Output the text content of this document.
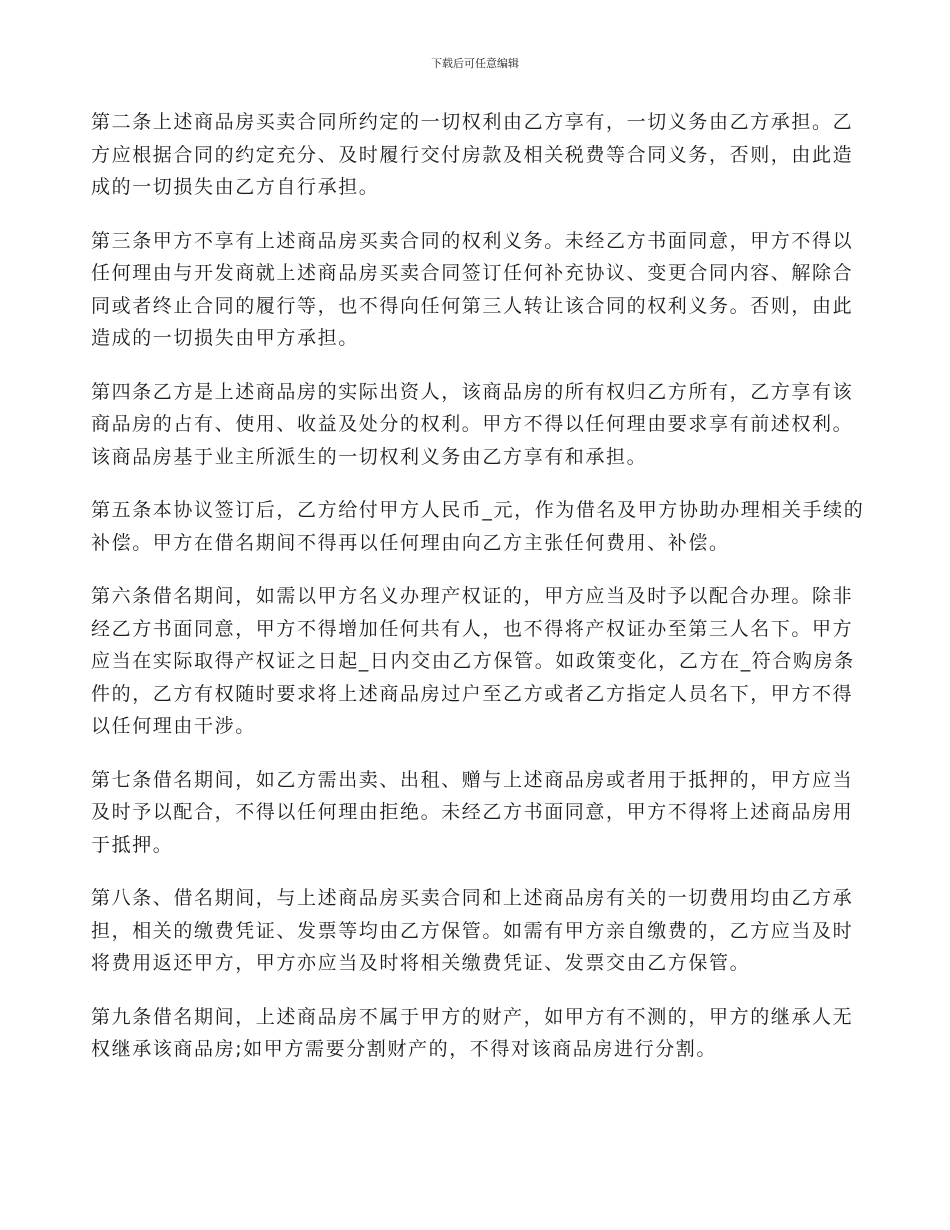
下载后可任意编辑

第二条上述商品房买卖合同所约定的一切权利由乙方享有，一切义务由乙方承担。乙方应根据合同的约定充分、及时履行交付房款及相关税费等合同义务，否则，由此造成的一切损失由乙方自行承担。

第三条甲方不享有上述商品房买卖合同的权利义务。未经乙方书面同意，甲方不得以任何理由与开发商就上述商品房买卖合同签订任何补充协议、变更合同内容、解除合同或者终止合同的履行等，也不得向任何第三人转让该合同的权利义务。否则，由此造成的一切损失由甲方承担。

第四条乙方是上述商品房的实际出资人，该商品房的所有权归乙方所有，乙方享有该商品房的占有、使用、收益及处分的权利。甲方不得以任何理由要求享有前述权利。该商品房基于业主所派生的一切权利义务由乙方享有和承担。

第五条本协议签订后，乙方给付甲方人民币_元，作为借名及甲方协助办理相关手续的补偿。甲方在借名期间不得再以任何理由向乙方主张任何费用、补偿。

第六条借名期间，如需以甲方名义办理产权证的，甲方应当及时予以配合办理。除非经乙方书面同意，甲方不得增加任何共有人，也不得将产权证办至第三人名下。甲方应当在实际取得产权证之日起_日内交由乙方保管。如政策变化，乙方在_符合购房条件的，乙方有权随时要求将上述商品房过户至乙方或者乙方指定人员名下，甲方不得以任何理由干涉。

第七条借名期间，如乙方需出卖、出租、赠与上述商品房或者用于抵押的，甲方应当及时予以配合，不得以任何理由拒绝。未经乙方书面同意，甲方不得将上述商品房用于抵押。

第八条、借名期间，与上述商品房买卖合同和上述商品房有关的一切费用均由乙方承担，相关的缴费凭证、发票等均由乙方保管。如需有甲方亲自缴费的，乙方应当及时将费用返还甲方，甲方亦应当及时将相关缴费凭证、发票交由乙方保管。

第九条借名期间，上述商品房不属于甲方的财产，如甲方有不测的，甲方的继承人无权继承该商品房;如甲方需要分割财产的，不得对该商品房进行分割。
